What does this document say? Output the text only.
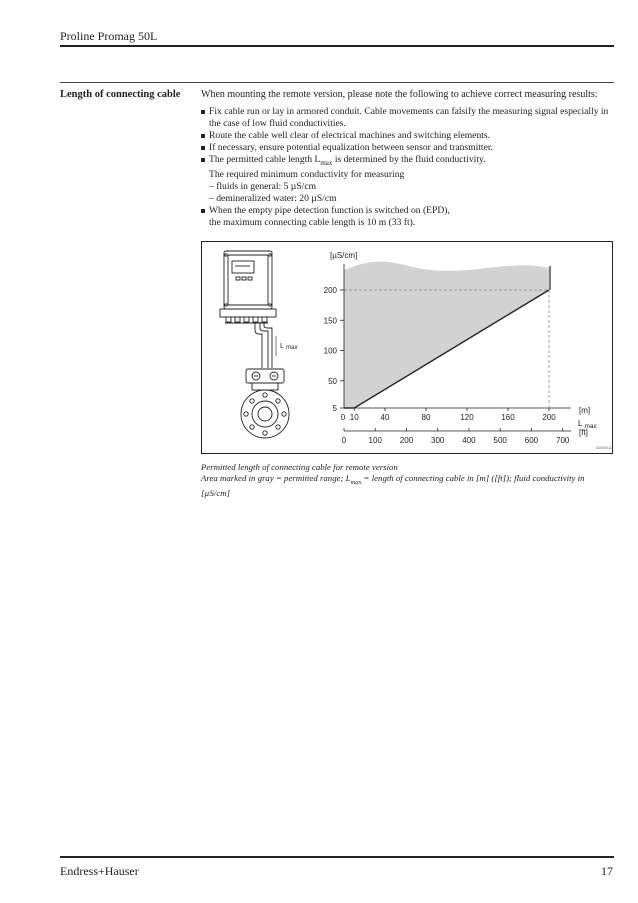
Proline Promag 50L
Length of connecting cable When mounting the remote version, please note the following to achieve correct measuring results:
Fix cable run or lay in armored conduit. Cable movements can falsify the measuring signal especially in the case of low fluid conductivities.
Route the cable well clear of electrical machines and switching elements.
If necessary, ensure potential equalization between sensor and transmitter.
The permitted cable length $L_{max}$ is determined by the fluid conductivity.
The required minimum conductivity for measuring
– fluids in general: 5 µS/cm
– demineralized water: 20 µS/cm
When the empty pipe detection function is switched on (EPD),
the maximum connecting cable length is 10 m (33 ft).
L max
5
50
100
150
200
0 10	40	80	120	160	200
0	100 200 300 400 500 600 700
[µS/cm]
[m]
L $_{max}$
[ft]
A0000011
Permitted length of connecting cable for remote version
Area marked in gray = permitted range; $L_{max}$ = length of connecting cable in [m] ([ft]); fluid conductivity in [µS/cm]
Endress+Hauser	17
